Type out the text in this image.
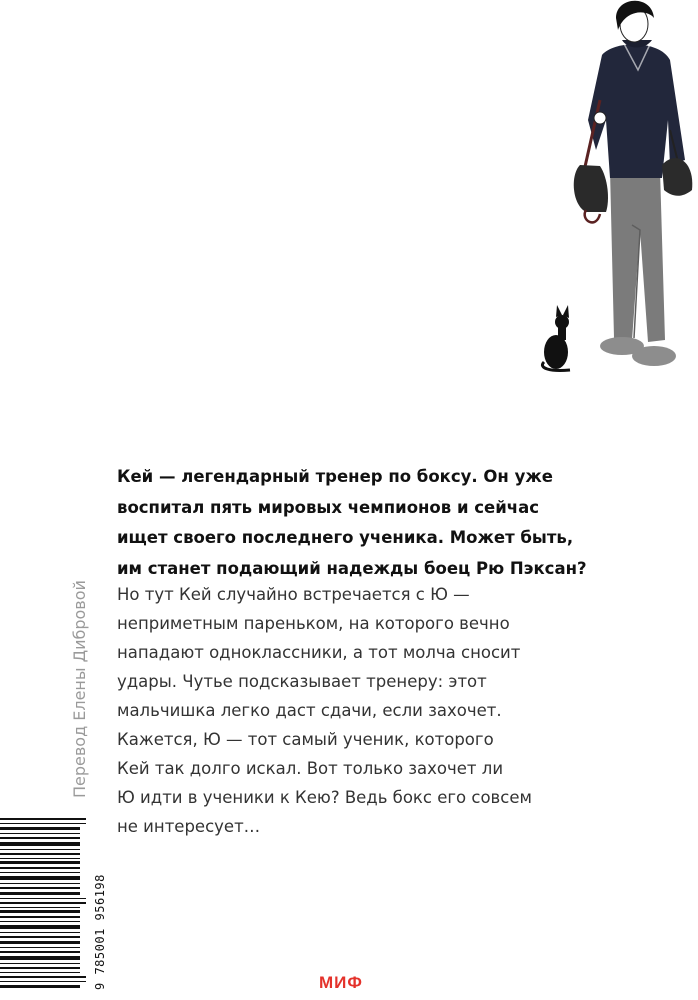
Кей — легендарный тренер по боксу. Он уже
воспитал пять мировых чемпионов и сейчас
ищет своего последнего ученика. Может быть,
им станет подающий надежды боец Рю Пэксан?
Но тут Кей случайно встречается с Ю —
неприметным пареньком, на которого вечно
нападают одноклассники, а тот молча сносит
удары. Чутье подсказывает тренеру: этот
мальчишка легко даст сдачи, если захочет.
Кажется, Ю — тот самый ученик, которого
Кей так долго искал. Вот только захочет ли
Ю идти в ученики к Кею? Ведь бокс его совсем
не интересует…
Перевод Елены Дибровой
9 785001 956198	МИФ
